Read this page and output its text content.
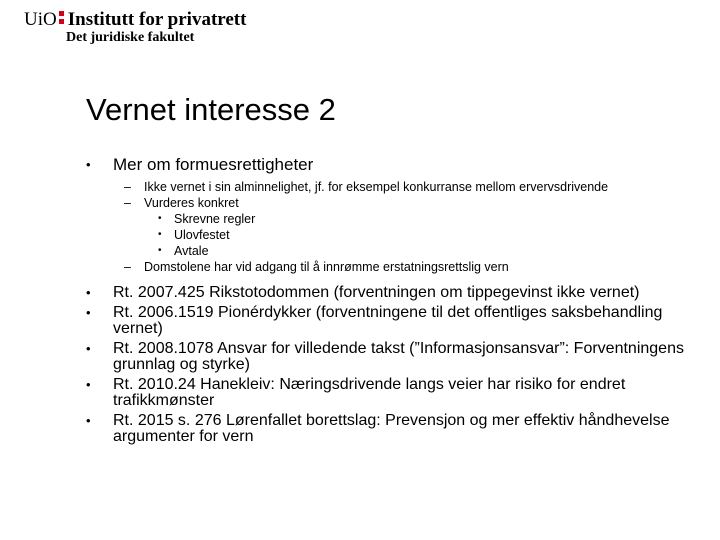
UiO Institutt for privatrett
Det juridiske fakultet
Vernet interesse 2
• Mer om formuesrettigheter
– Ikke vernet i sin alminnelighet, jf. for eksempel konkurranse mellom ervervsdrivende
– Vurderes konkret
• Skrevne regler
• Ulovfestet
• Avtale
– Domstolene har vid adgang til å innrømme erstatningsrettslig vern
• Rt. 2007.425 Rikstotodommen (forventningen om tippegevinst ikke vernet)
• Rt. 2006.1519 Pionérdykker (forventningene til det offentliges saksbehandling vernet)
• Rt. 2008.1078 Ansvar for villedende takst (”Informasjonsansvar”: Forventningens grunnlag og styrke)
• Rt. 2010.24 Hanekleiv: Næringsdrivende langs veier har risiko for endret trafikkmønster
• Rt. 2015 s. 276 Lørenfallet borettslag: Prevensjon og mer effektiv håndhevelse argumenter for vern
